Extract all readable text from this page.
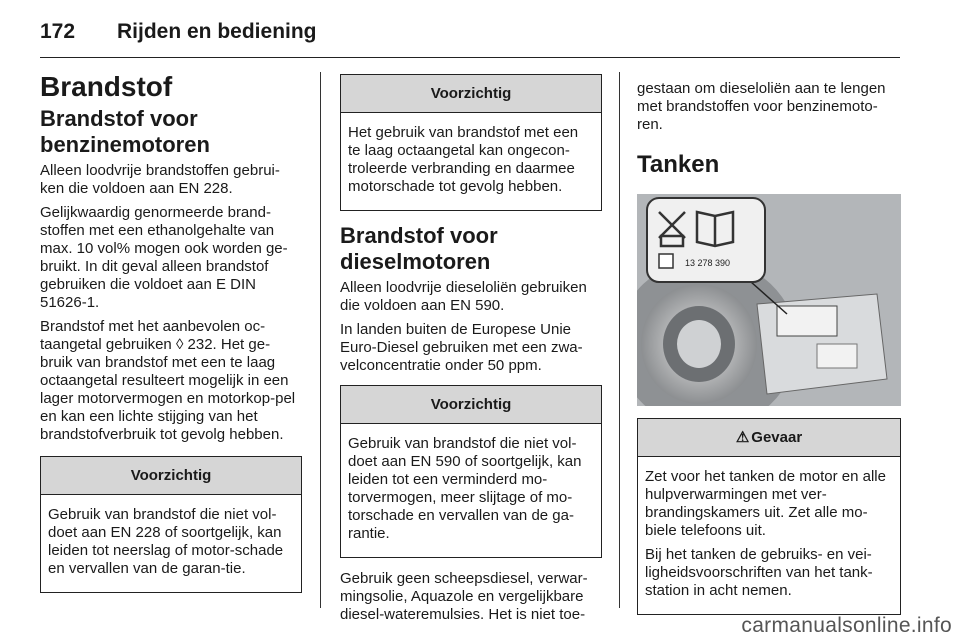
172 Rijden en bediening
Brandstof
Brandstof voor benzinemotoren

Alleen loodvrije brandstoffen gebrui-ken die voldoen aan EN 228.

Gelijkwaardig genormeerde brand-stoffen met een ethanolgehalte van max. 10 vol% mogen ook worden ge-bruikt. In dit geval alleen brandstof gebruiken die voldoet aan E DIN 51626-1.

Brandstof met het aanbevolen oc-taangetal gebruiken ◊ 232. Het ge-bruik van brandstof met een te laag octaangetal resulteert mogelijk in een lager motorvermogen en motorkop-pel en kan een lichte stijging van het brandstofverbruik tot gevolg hebben.

Voorzichtig

Gebruik van brandstof die niet vol-doet aan EN 228 of soortgelijk, kan leiden tot neerslag of motor-schade en vervallen van de garan-tie.

Voorzichtig

Het gebruik van brandstof met een te laag octaangetal kan ongecon-troleerde verbranding en daarmee motorschade tot gevolg hebben.

Brandstof voor dieselmotoren

Alleen loodvrije dieseloliën gebruiken die voldoen aan EN 590.

In landen buiten de Europese Unie Euro-Diesel gebruiken met een zwa-velconcentratie onder 50 ppm.

Voorzichtig

Gebruik van brandstof die niet vol-doet aan EN 590 of soortgelijk, kan leiden tot een verminderd mo-torvermogen, meer slijtage of mo-torschade en vervallen van de ga-rantie.

Gebruik geen scheepsdiesel, verwar-mingsolie, Aquazole en vergelijkbare diesel-wateremulsies. Het is niet toe-

gestaan om dieseloliën aan te lengen met brandstoffen voor benzinemoto-ren.

Tanken
13 278 390
⚠ Gevaar

Zet voor het tanken de motor en alle hulpverwarmingen met ver-brandingskamers uit. Zet alle mo-biele telefoons uit.

Bij het tanken de gebruiks- en vei-ligheidsvoorschriften van het tank-station in acht nemen.

carmanualsonline.info
